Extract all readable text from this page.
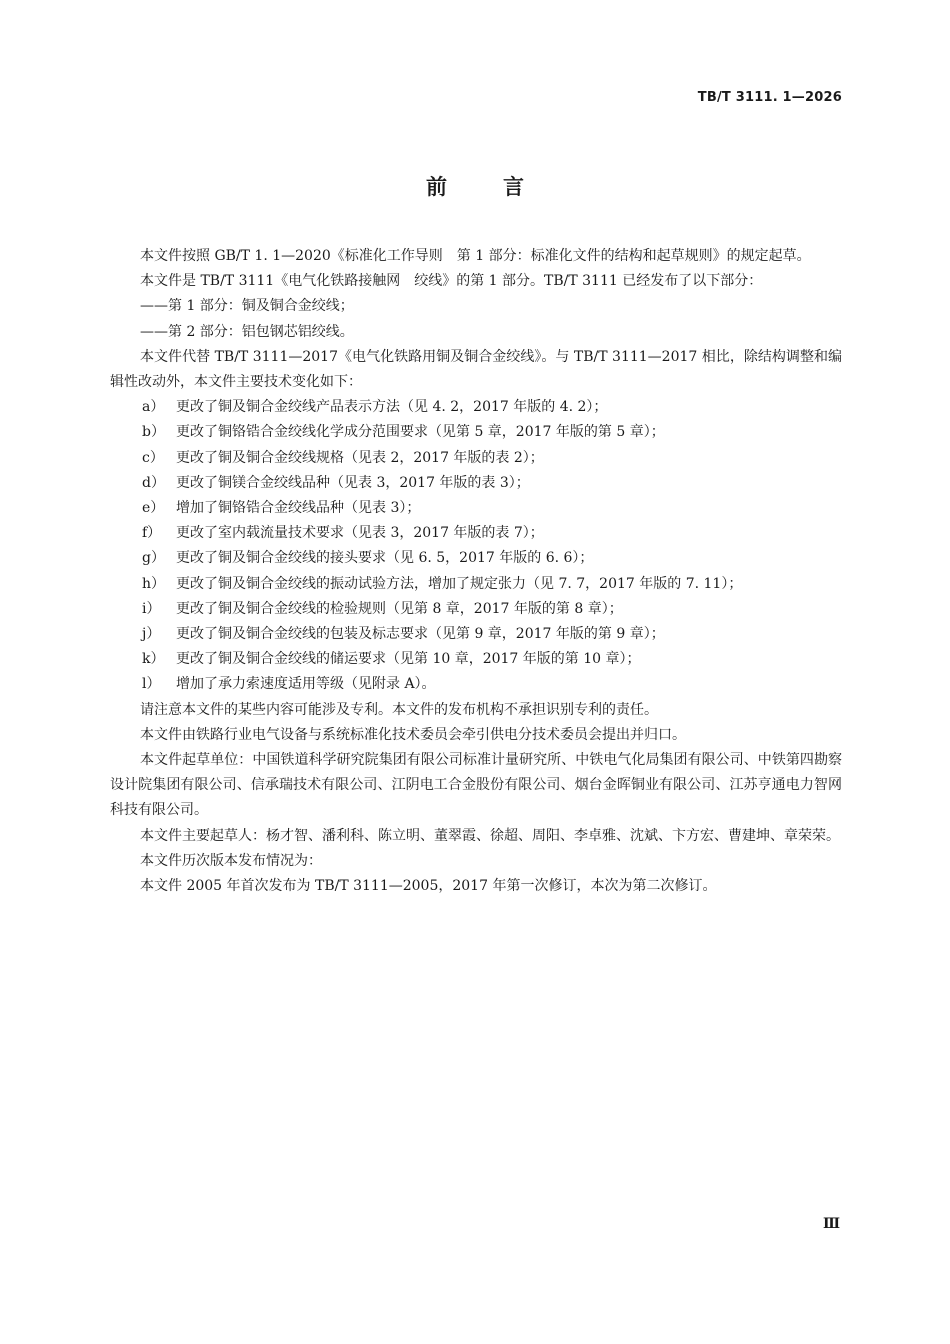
TB/T 3111. 1—2026
前言

本文件按照 GB/T 1. 1—2020《标准化工作导则　第 1 部分：标准化文件的结构和起草规则》的规定起草。

本文件是 TB/T 3111《电气化铁路接触网　绞线》的第 1 部分。TB/T 3111 已经发布了以下部分：

——第 1 部分：铜及铜合金绞线；

——第 2 部分：铝包钢芯铝绞线。

本文件代替 TB/T 3111—2017《电气化铁路用铜及铜合金绞线》。与 TB/T 3111—2017 相比，除结构调整和编辑性改动外，本文件主要技术变化如下：

a） 更改了铜及铜合金绞线产品表示方法（见 4. 2，2017 年版的 4. 2）；
b） 更改了铜铬锆合金绞线化学成分范围要求（见第 5 章，2017 年版的第 5 章）；
c） 更改了铜及铜合金绞线规格（见表 2，2017 年版的表 2）；
d） 更改了铜镁合金绞线品种（见表 3，2017 年版的表 3）；
e） 增加了铜铬锆合金绞线品种（见表 3）；
f）	更改了室内载流量技术要求（见表 3，2017 年版的表 7）；
g） 更改了铜及铜合金绞线的接头要求（见 6. 5，2017 年版的 6. 6）；
h） 更改了铜及铜合金绞线的振动试验方法，增加了规定张力（见 7. 7，2017 年版的 7. 11）；
i）	更改了铜及铜合金绞线的检验规则（见第 8 章，2017 年版的第 8 章）；
j）	更改了铜及铜合金绞线的包装及标志要求（见第 9 章，2017 年版的第 9 章）；
k） 更改了铜及铜合金绞线的储运要求（见第 10 章，2017 年版的第 10 章）；
l）	增加了承力索速度适用等级（见附录 A）。

请注意本文件的某些内容可能涉及专利。本文件的发布机构不承担识别专利的责任。

本文件由铁路行业电气设备与系统标准化技术委员会牵引供电分技术委员会提出并归口。

本文件起草单位：中国铁道科学研究院集团有限公司标准计量研究所、中铁电气化局集团有限公司、中铁第四勘察设计院集团有限公司、信承瑞技术有限公司、江阴电工合金股份有限公司、烟台金晖铜业有限公司、江苏亨通电力智网科技有限公司。

本文件主要起草人：杨才智、潘利科、陈立明、董翠霞、徐超、周阳、李卓雅、沈斌、卞方宏、曹建坤、章荣荣。

本文件历次版本发布情况为：

本文件 2005 年首次发布为 TB/T 3111—2005，2017 年第一次修订，本次为第二次修订。

Ⅲ
